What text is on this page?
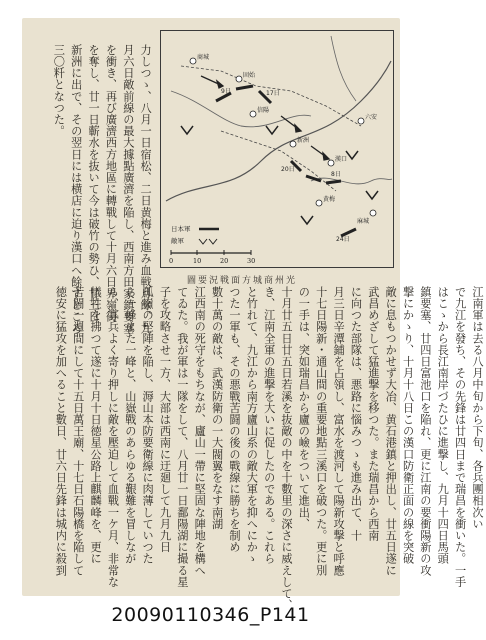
力しつゝ、八月一日宿松、二日黄梅と進み血戦月餘、九
月六日敵前線の最大據點廣濟を陥し、西南方田家鎮要塞
を衝き、再び廣濟西方地區に轉戰して十月六日界嶺街
を奪し、廿一日蘄水を抜いて今は破竹の勢ひ、廿三日
新洲に出で、その翌日には横店に迫り漢口へ餘すところ
三〇粁となつた。	商城
固始
信陽
新洲
漢口
黄梅
六安
麻城
9日	17日
20日
8日
24日
日本軍
敵軍
0	10	20	30
光州商城方面戦況要圖
江南軍は去る八月中旬から下旬、各兵團相次い
で九江を發ち、その先鋒は廿四日まで瑞昌を衝いた。一手
はこゝから長江南岸づたひに進撃し、九月十四日馬頭
鎮要塞、廿四日富池口を陥れ、更に江南の要衝陽新の攻
撃にかゝり、十月十八日この漢口防衛正面の線を突破
敵に息もつかせず大冶、黄石港鎮と押出し、廿五日遂に
武昌めざして猛進撃を移つた。また瑞昌から西南
に向つた部隊は、悪路に惱みつゝも進み出て、十
月三日辛潭鋪を占領し、富水を渡河して陽新攻撃と呼應
十七日陽新・通山間の重要地點三溪口を破つた。更に別
の一手は、突如瑞昌から廬の嶮をついて進出、
十月廿五日廿五日若溪を抜敵の中を十數里の深さに威えして、
き、江南全軍の進撃を大いに促したのである。これら
と竹れて、九江から南方廬山系の敵大軍を抑へにかゝ
つた一軍も、その悪戰苦闘の後の戰線に勝ちを制め
數十萬の敵は、武漢防衛の一大閥翼をなす南湖
江西南の死守をもちなが、廬山一帶に堅固な陣地を構へ
てゐた。我が軍は一隊をして、八月廿一日鄱陽湖に撮る星
子を攻略させ一方、大部は西南に迂廻して九月九日
孤嶺の堅陣を陥し、溽山本防要衛線に肉薄していつた
ら一峰また一峰と、山嶽戰のあらゆる艱難を冒しなが
ら、寡兵よく寄り押しに敵を壓迫して血戰一ケ月、非常な
犠牲を拂つて遂に十月十日徳星公路上麒麟峰を、更に
苦闘一週間にして十五日萬王廟、十七日石陽橋を陥して
徳安に猛攻を加へること數日、廿六日先鋒は城内に殺到
20090110346_P141
